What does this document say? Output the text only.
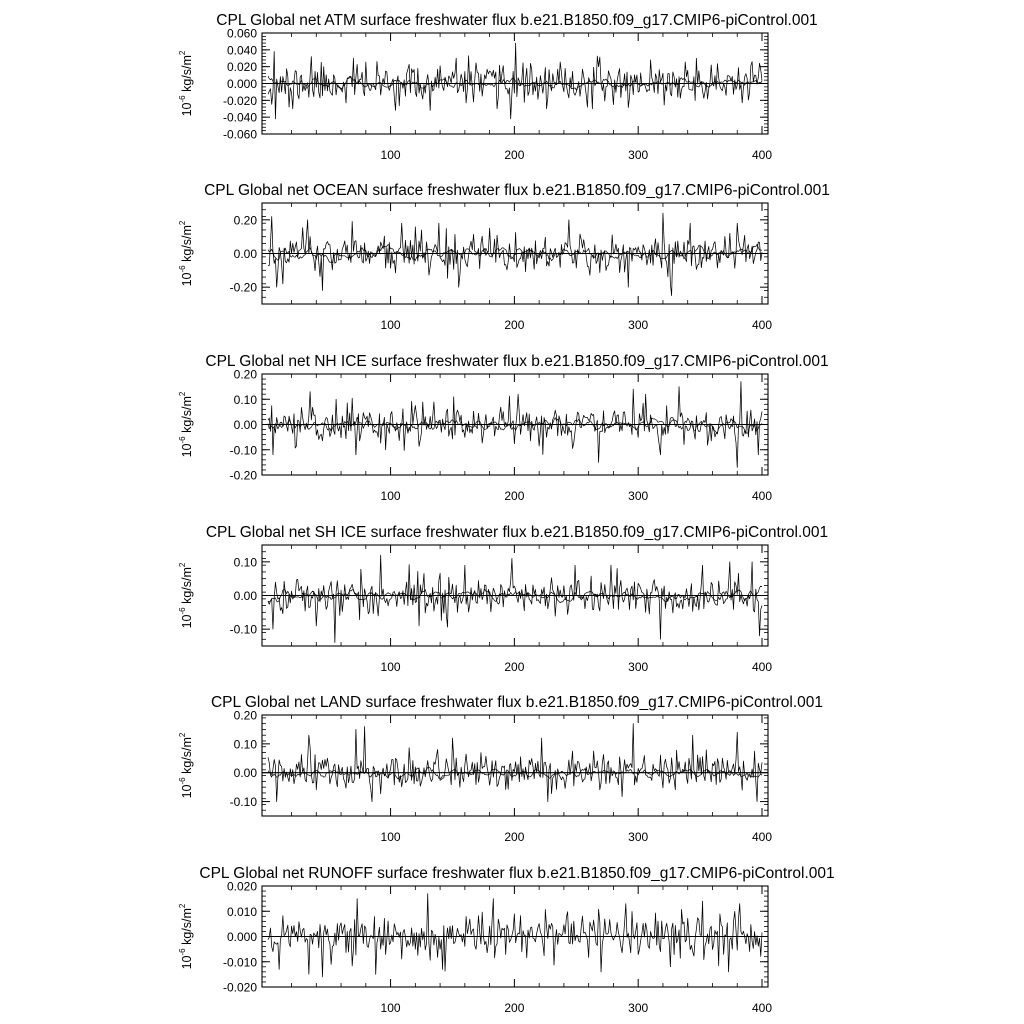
CPL Global net ATM surface freshwater flux b.e21.B1850.f09_g17.CMIP6-piControl.001
100	200	300	400
-0.060
-0.040
-0.020
0.000
0.020
0.040
0.060
$10^{-6}$ $kg/s/m^2$
CPL Global net OCEAN surface freshwater flux b.e21.B1850.f09_g17.CMIP6-piControl.001
100	200	300	400
-0.20
0.00
0.20
$10^{-6}$ $kg/s/m^2$
CPL Global net NH ICE surface freshwater flux b.e21.B1850.f09_g17.CMIP6-piControl.001
100	200	300	400
-0.20
-0.10
0.00
0.10
0.20
$10^{-6}$ $kg/s/m^2$
CPL Global net SH ICE surface freshwater flux b.e21.B1850.f09_g17.CMIP6-piControl.001
100	200	300	400
-0.10
0.00
0.10
$10^{-6}$ $kg/s/m^2$
CPL Global net LAND surface freshwater flux b.e21.B1850.f09_g17.CMIP6-piControl.001
100	200	300	400
-0.10
0.00
0.10
0.20
$10^{-6}$ $kg/s/m^2$
CPL Global net RUNOFF surface freshwater flux b.e21.B1850.f09_g17.CMIP6-piControl.001
100	200	300	400
-0.020
-0.010
0.000
0.010
0.020
$10^{-6}$ $kg/s/m^2$
